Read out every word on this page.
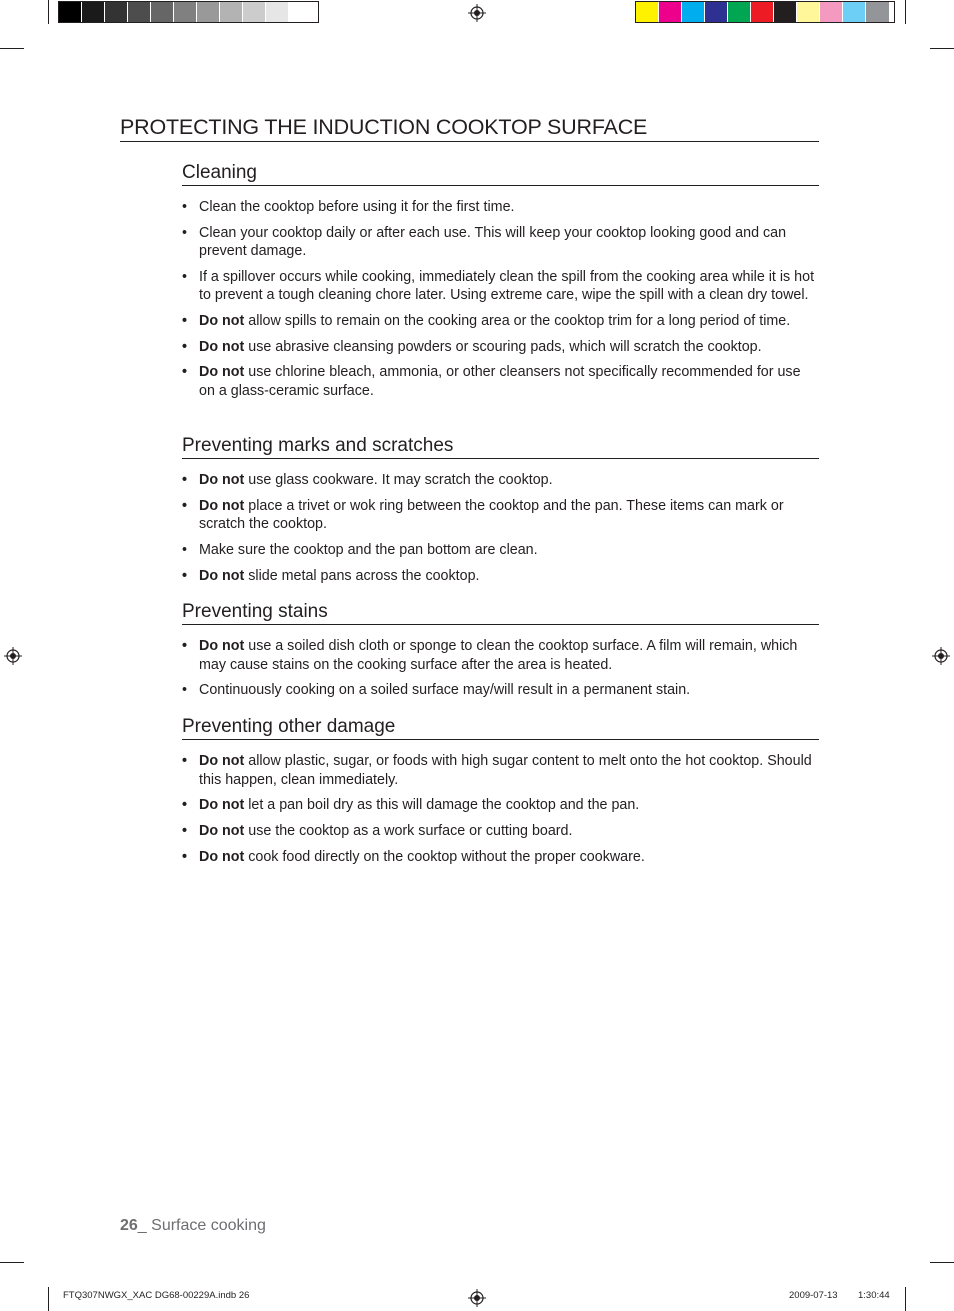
PROTECTING THE INDUCTION COOKTOP SURFACE
Cleaning
• Clean the cooktop before using it for the first time.
• Clean your cooktop daily or after each use. This will keep your cooktop looking good and can prevent damage.
• If a spillover occurs while cooking, immediately clean the spill from the cooking area while it is hot to prevent a tough cleaning chore later. Using extreme care, wipe the spill with a clean dry towel.
• Do not allow spills to remain on the cooking area or the cooktop trim for a long period of time.
• Do not use abrasive cleansing powders or scouring pads, which will scratch the cooktop.
• Do not use chlorine bleach, ammonia, or other cleansers not specifically recommended for use on a glass-ceramic surface.
Preventing marks and scratches
• Do not use glass cookware. It may scratch the cooktop.
• Do not place a trivet or wok ring between the cooktop and the pan. These items can mark or scratch the cooktop.
• Make sure the cooktop and the pan bottom are clean.
• Do not slide metal pans across the cooktop.
Preventing stains
• Do not use a soiled dish cloth or sponge to clean the cooktop surface. A film will remain, which may cause stains on the cooking surface after the area is heated.
• Continuously cooking on a soiled surface may/will result in a permanent stain.
Preventing other damage
• Do not allow plastic, sugar, or foods with high sugar content to melt onto the hot cooktop. Should this happen, clean immediately.
• Do not let a pan boil dry as this will damage the cooktop and the pan.
• Do not use the cooktop as a work surface or cutting board.
• Do not cook food directly on the cooktop without the proper cookware.
26_ Surface cooking
FTQ307NWGX_XAC DG68-00229A.indb 26	2009-07-13 1:30:44
